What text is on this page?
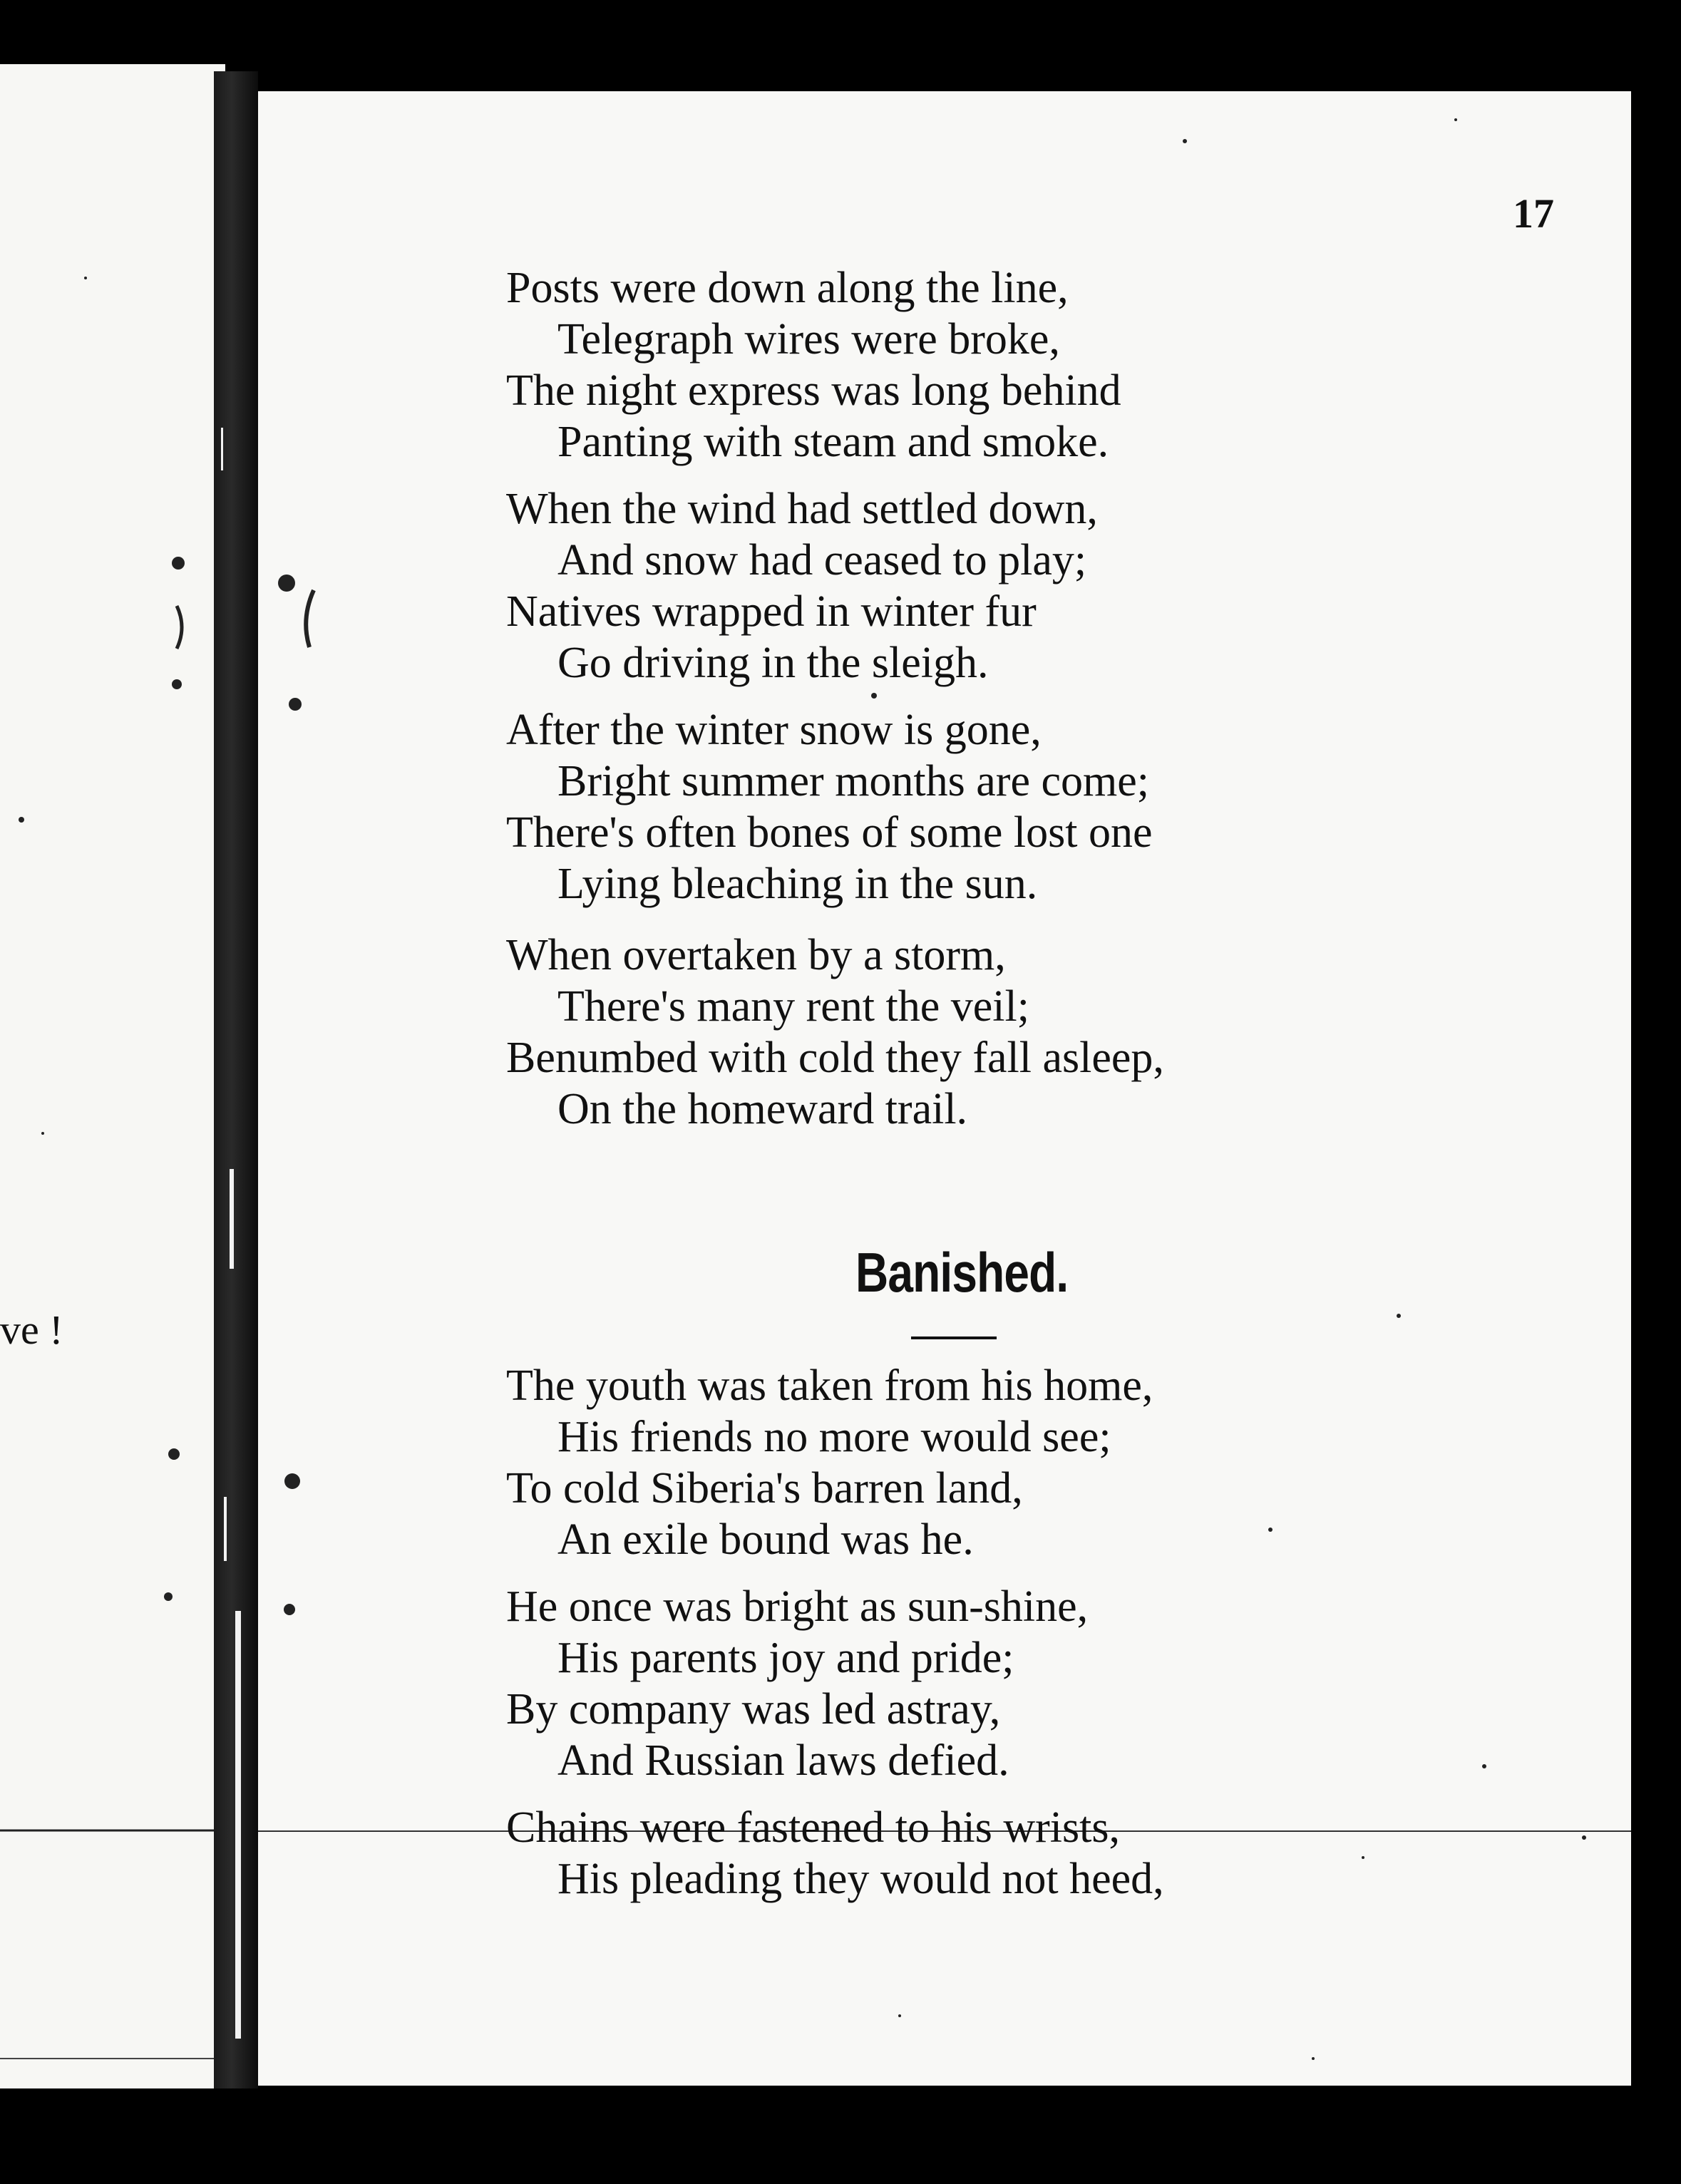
ve !
17
Posts were down along the line,
Telegraph wires were broke,
The night express was long behind
Panting with steam and smoke.
When the wind had settled down,
And snow had ceased to play;
Natives wrapped in winter fur
Go driving in the sleigh.
After the winter snow is gone,
Bright summer months are come;
There's often bones of some lost one
Lying bleaching in the sun.
When overtaken by a storm,
There's many rent the veil;
Benumbed with cold they fall asleep,
On the homeward trail.
Banished.
The youth was taken from his home,
His friends no more would see;
To cold Siberia's barren land,
An exile bound was he.
He once was bright as sun-shine,
His parents joy and pride;
By company was led astray,
And Russian laws defied.
Chains were fastened to his wrists,
His pleading they would not heed,
